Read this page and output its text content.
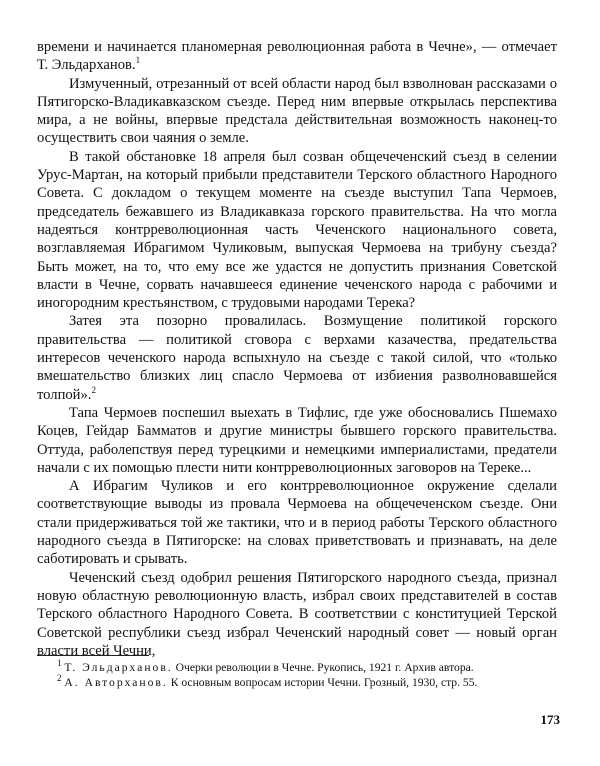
времени и начинается планомерная революционная работа в Чечне», — отмечает Т. Эльдарханов.$^1$

Измученный, отрезанный от всей области народ был взволнован рассказами о Пятигорско-Владикавказском съезде. Перед ним впервые открылась перспектива мира, а не войны, впервые предстала действительная возможность наконец-то осуществить свои чаяния о земле.

В такой обстановке 18 апреля был созван общечеченский съезд в селении Урус-Мартан, на который прибыли представители Терского областного Народного Совета. С докладом о текущем моменте на съезде выступил Тапа Чермоев, председатель бежавшего из Владикавказа горского правительства. На что могла надеяться контрреволюционная часть Чеченского национального совета, возглавляемая Ибрагимом Чуликовым, выпуская Чермоева на трибуну съезда? Быть может, на то, что ему все же удастся не допустить признания Советской власти в Чечне, сорвать начавшееся единение чеченского народа с рабочими и иногородним крестьянством, с трудовыми народами Терека?

Затея эта позорно провалилась. Возмущение политикой горского правительства — политикой сговора с верхами казачества, предательства интересов чеченского народа вспыхнуло на съезде с такой силой, что «только вмешательство близких лиц спасло Чермоева от избиения разволновавшейся толпой».$^2$

Тапа Чермоев поспешил выехать в Тифлис, где уже обосновались Пшемахо Коцев, Гейдар Бамматов и другие министры бывшего горского правительства. Оттуда, раболепствуя перед турецкими и немецкими империалистами, предатели начали с их помощью плести нити контрреволюционных заговоров на Тереке...

А Ибрагим Чуликов и его контрреволюционное окружение сделали соответствующие выводы из провала Чермоева на общечеченском съезде. Они стали придерживаться той же тактики, что и в период работы Терского областного народного съезда в Пятигорске: на словах приветствовать и признавать, на деле саботировать и срывать.

Чеченский съезд одобрил решения Пятигорского народного съезда, признал новую областную революционную власть, избрал своих представителей в состав Терского областного Народного Совета. В соответствии с конституцией Терской Советской республики съезд избрал Чеченский народный совет — новый орган власти всей Чечни,

$^1$ Т. Эльдарханов. Очерки революции в Чечне. Рукопись, 1921 г. Архив автора.

$^2$ А. Авторханов. К основным вопросам истории Чечни. Грозный, 1930, стр. 55.

173
